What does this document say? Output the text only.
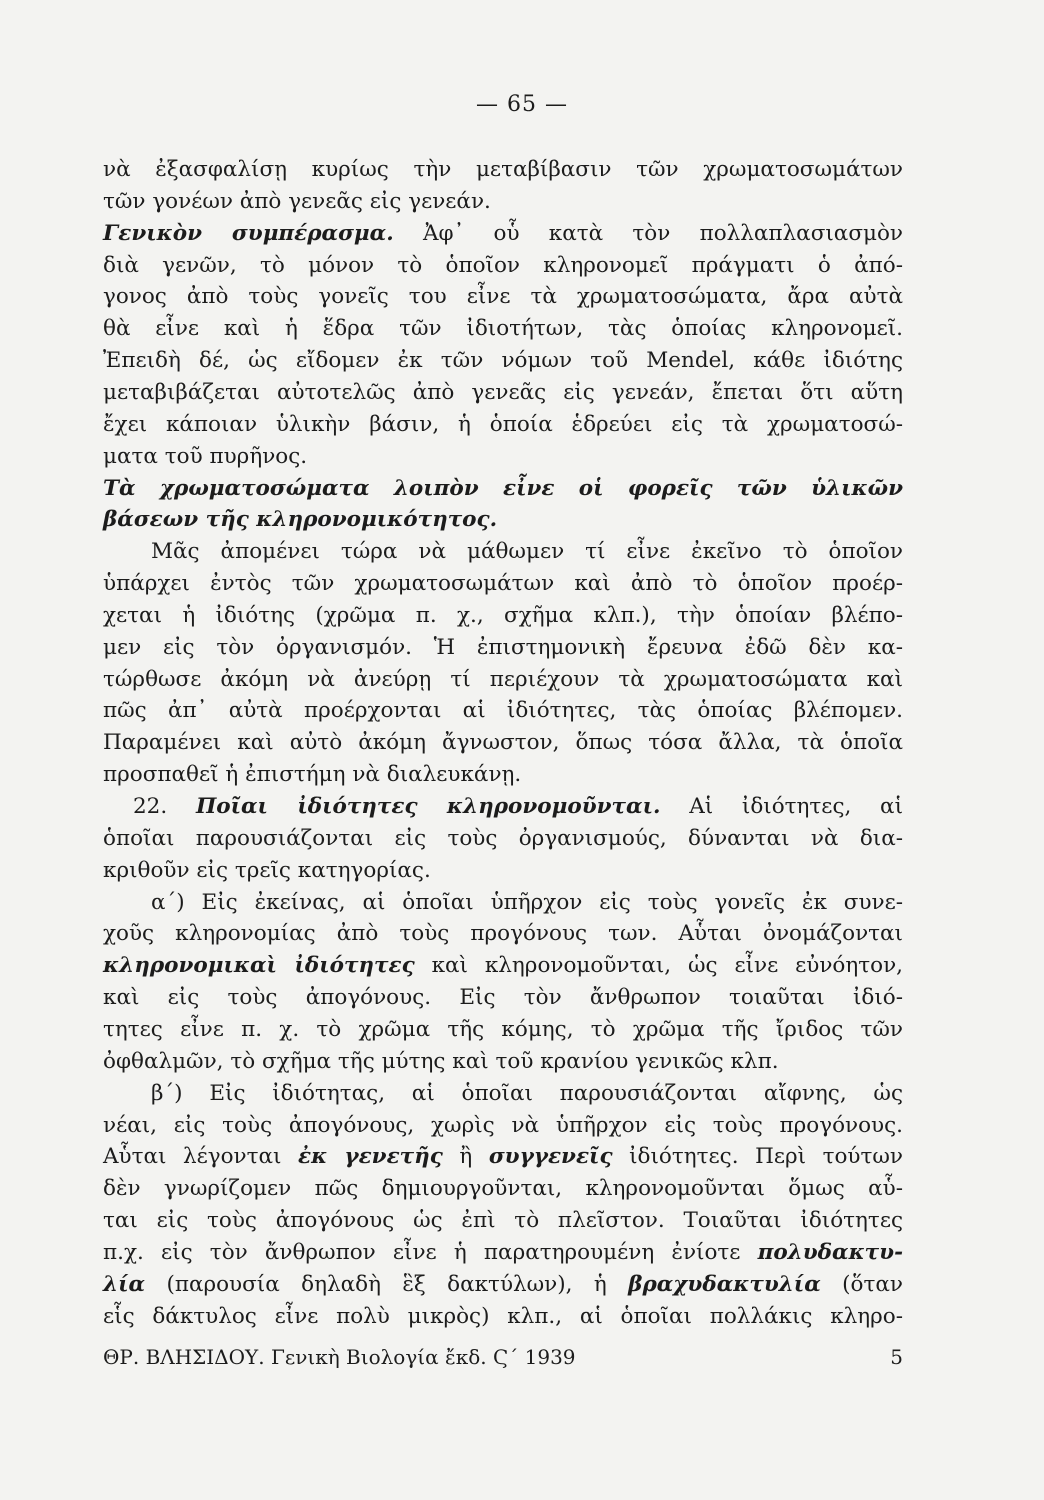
— 65 —
νὰ ἐξασφαλίσῃ κυρίως τὴν μεταβίβασιν τῶν χρωματοσωμάτων
τῶν γονέων ἀπὸ γενεᾶς εἰς γενεάν.
Γενικὸν συμπέρασμα. Ἀφ᾽ οὗ κατὰ τὸν πολλαπλασιασμὸν
διὰ γενῶν, τὸ μόνον τὸ ὁποῖον κληρονομεῖ πράγματι ὁ ἀπό-
γονος ἀπὸ τοὺς γονεῖς του εἶνε τὰ χρωματοσώματα, ἄρα αὐτὰ
θὰ εἶνε καὶ ἡ ἕδρα τῶν ἰδιοτήτων, τὰς ὁποίας κληρονομεῖ.
Ἐπειδὴ δέ, ὡς εἴδομεν ἐκ τῶν νόμων τοῦ Mendel, κάθε ἰδιότης
μεταβιβάζεται αὐτοτελῶς ἀπὸ γενεᾶς εἰς γενεάν, ἔπεται ὅτι αὕτη
ἔχει κάποιαν ὑλικὴν βάσιν, ἡ ὁποία ἑδρεύει εἰς τὰ χρωματοσώ-
ματα τοῦ πυρῆνος.
Τὰ χρωματοσώματα λοιπὸν εἶνε οἱ φορεῖς τῶν ὑλικῶν
βάσεων τῆς κληρονομικότητος.
Μᾶς ἀπομένει τώρα νὰ μάθωμεν τί εἶνε ἐκεῖνο τὸ ὁποῖον
ὑπάρχει ἐντὸς τῶν χρωματοσωμάτων καὶ ἀπὸ τὸ ὁποῖον προέρ-
χεται ἡ ἰδιότης (χρῶμα π. χ., σχῆμα κλπ.), τὴν ὁποίαν βλέπο-
μεν εἰς τὸν ὀργανισμόν. Ἡ ἐπιστημονικὴ ἔρευνα ἐδῶ δὲν κα-
τώρθωσε ἀκόμη νὰ ἀνεύρῃ τί περιέχουν τὰ χρωματοσώματα καὶ
πῶς ἀπ᾽ αὐτὰ προέρχονται αἱ ἰδιότητες, τὰς ὁποίας βλέπομεν.
Παραμένει καὶ αὐτὸ ἀκόμη ἄγνωστον, ὅπως τόσα ἄλλα, τὰ ὁποῖα
προσπαθεῖ ἡ ἐπιστήμη νὰ διαλευκάνῃ.
22. Ποῖαι ἰδιότητες κληρονομοῦνται. Αἱ ἰδιότητες, αἱ
ὁποῖαι παρουσιάζονται εἰς τοὺς ὀργανισμούς, δύνανται νὰ δια-
κριθοῦν εἰς τρεῖς κατηγορίας.
α΄) Εἰς ἐκείνας, αἱ ὁποῖαι ὑπῆρχον εἰς τοὺς γονεῖς ἐκ συνε-
χοῦς κληρονομίας ἀπὸ τοὺς προγόνους των. Αὗται ὀνομάζονται
κληρονομικαὶ ἰδιότητες καὶ κληρονομοῦνται, ὡς εἶνε εὐνόητον,
καὶ εἰς τοὺς ἀπογόνους. Εἰς τὸν ἄνθρωπον τοιαῦται ἰδιό-
τητες εἶνε π. χ. τὸ χρῶμα τῆς κόμης, τὸ χρῶμα τῆς ἴριδος τῶν
ὀφθαλμῶν, τὸ σχῆμα τῆς μύτης καὶ τοῦ κρανίου γενικῶς κλπ.
β΄) Εἰς ἰδιότητας, αἱ ὁποῖαι παρουσιάζονται αἴφνης, ὡς
νέαι, εἰς τοὺς ἀπογόνους, χωρὶς νὰ ὑπῆρχον εἰς τοὺς προγόνους.
Αὗται λέγονται ἐκ γενετῆς ἢ συγγενεῖς ἰδιότητες. Περὶ τούτων
δὲν γνωρίζομεν πῶς δημιουργοῦνται, κληρονομοῦνται ὅμως αὗ-
ται εἰς τοὺς ἀπογόνους ὡς ἐπὶ τὸ πλεῖστον. Τοιαῦται ἰδιότητες
π.χ. εἰς τὸν ἄνθρωπον εἶνε ἡ παρατηρουμένη ἐνίοτε πολυδακτυ-
λία (παρουσία δηλαδὴ ἓξ δακτύλων), ἡ βραχυδακτυλία (ὅταν
εἷς δάκτυλος εἶνε πολὺ μικρὸς) κλπ., αἱ ὁποῖαι πολλάκις κληρο-
ΘΡ. ΒΛΗΣΙΔΟΥ. Γενικὴ Βιολογία ἔκδ. Ϛ΄ 1939	5
